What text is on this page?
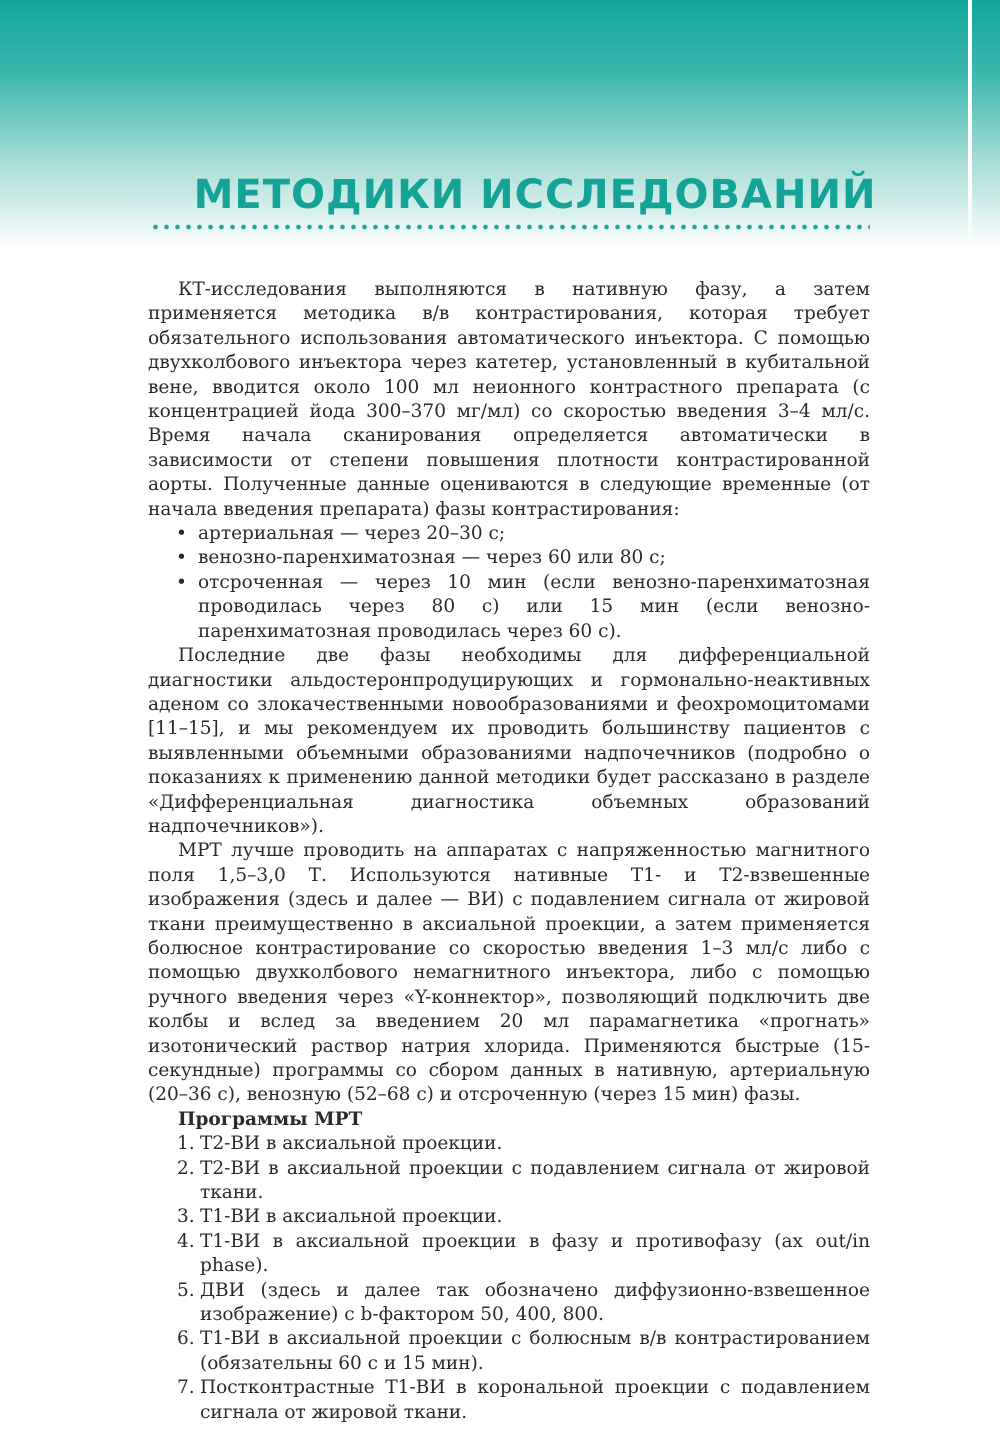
МЕТОДИКИ ИССЛЕДОВАНИЙ

КТ-исследования выполняются в нативную фазу, а затем применяется методика в/в контрастирования, которая требует обязательного использования автоматического инъектора. С помощью двухколбового инъектора через катетер, установленный в кубитальной вене, вводится около 100 мл неионного контрастного препарата (с концентрацией йода 300–370 мг/мл) со скоростью введения 3–4 мл/с. Время начала сканирования определяется автоматически в зависимости от степени повышения плотности контрастированной аорты. Полученные данные оцениваются в следующие временные (от начала введения препарата) фазы контрастирования:

• артериальная — через 20–30 с;
• венозно-паренхиматозная — через 60 или 80 с;
• отсроченная — через 10 мин (если венозно-паренхиматозная проводилась через 80 с) или 15 мин (если венозно-паренхиматозная проводилась через 60 с).

Последние две фазы необходимы для дифференциальной диагностики альдостеронпродуцирующих и гормонально-неактивных аденом со злокачественными новообразованиями и феохромоцитомами [11–15], и мы рекомендуем их проводить большинству пациентов с выявленными объемными образованиями надпочечников (подробно о показаниях к применению данной методики будет рассказано в разделе «Дифференциальная диагностика объемных образований надпочечников»).

МРТ лучше проводить на аппаратах с напряженностью магнитного поля 1,5–3,0 Т. Используются нативные Т1- и Т2-взвешенные изображения (здесь и далее — ВИ) с подавлением сигнала от жировой ткани преимущественно в аксиальной проекции, а затем применяется болюсное контрастирование со скоростью введения 1–3 мл/с либо с помощью двухколбового немагнитного инъектора, либо с помощью ручного введения через «Y-коннектор», позволяющий подключить две колбы и вслед за введением 20 мл парамагнетика «прогнать» изотонический раствор натрия хлорида. Применяются быстрые (15-секундные) программы со сбором данных в нативную, артериальную (20–36 с), венозную (52–68 с) и отсроченную (через 15 мин) фазы.

Программы МРТ
1. Т2-ВИ в аксиальной проекции.
2. Т2-ВИ в аксиальной проекции с подавлением сигнала от жировой ткани.
3. Т1-ВИ в аксиальной проекции.
4. Т1-ВИ в аксиальной проекции в фазу и противофазу (ax out/in phase).
5. ДВИ (здесь и далее так обозначено диффузионно-взвешенное изображение) с b-фактором 50, 400, 800.
6. Т1-ВИ в аксиальной проекции с болюсным в/в контрастированием (обязательны 60 с и 15 мин).
7. Постконтрастные Т1-ВИ в корональной проекции с подавлением сигнала от жировой ткани.
